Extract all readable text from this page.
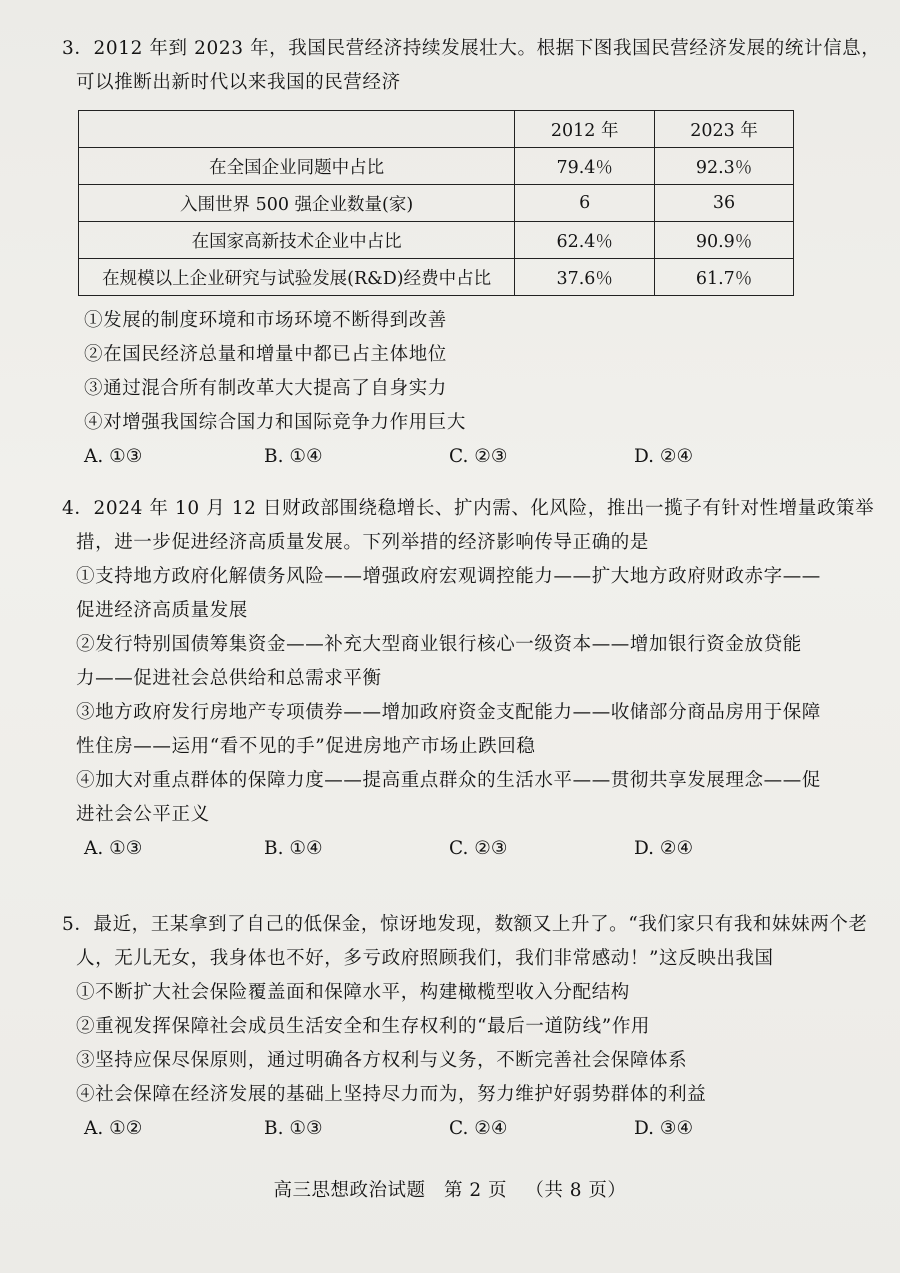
3．2012 年到 2023 年，我国民营经济持续发展壮大。根据下图我国民营经济发展的统计信息，
可以推断出新时代以来我国的民营经济
	2012 年	2023 年
在全国企业同题中占比	79.4％	92.3％
入围世界 500 强企业数量(家)	6	36
在国家高新技术企业中占比	62.4％	90.9％
在规模以上企业研究与试验发展(R&D)经费中占比	37.6％	61.7％
①发展的制度环境和市场环境不断得到改善
②在国民经济总量和增量中都已占主体地位
③通过混合所有制改革大大提高了自身实力
④对增强我国综合国力和国际竞争力作用巨大
A. ①③	B. ①④	C. ②③	D. ②④
4．2024 年 10 月 12 日财政部围绕稳增长、扩内需、化风险，推出一揽子有针对性增量政策举
措，进一步促进经济高质量发展。下列举措的经济影响传导正确的是
①支持地方政府化解债务风险——增强政府宏观调控能力——扩大地方政府财政赤字——
促进经济高质量发展
②发行特别国债筹集资金——补充大型商业银行核心一级资本——增加银行资金放贷能
力——促进社会总供给和总需求平衡
③地方政府发行房地产专项债券——增加政府资金支配能力——收储部分商品房用于保障
性住房——运用“看不见的手”促进房地产市场止跌回稳
④加大对重点群体的保障力度——提高重点群众的生活水平——贯彻共享发展理念——促
进社会公平正义
A. ①③	B. ①④	C. ②③	D. ②④
5．最近，王某拿到了自己的低保金，惊讶地发现，数额又上升了。“我们家只有我和妹妹两个老
人，无儿无女，我身体也不好，多亏政府照顾我们，我们非常感动！”这反映出我国
①不断扩大社会保险覆盖面和保障水平，构建橄榄型收入分配结构
②重视发挥保障社会成员生活安全和生存权利的“最后一道防线”作用
③坚持应保尽保原则，通过明确各方权利与义务，不断完善社会保障体系
④社会保障在经济发展的基础上坚持尽力而为，努力维护好弱势群体的利益
A. ①②	B. ①③	C. ②④	D. ③④
高三思想政治试题 第 2 页 （共 8 页）
